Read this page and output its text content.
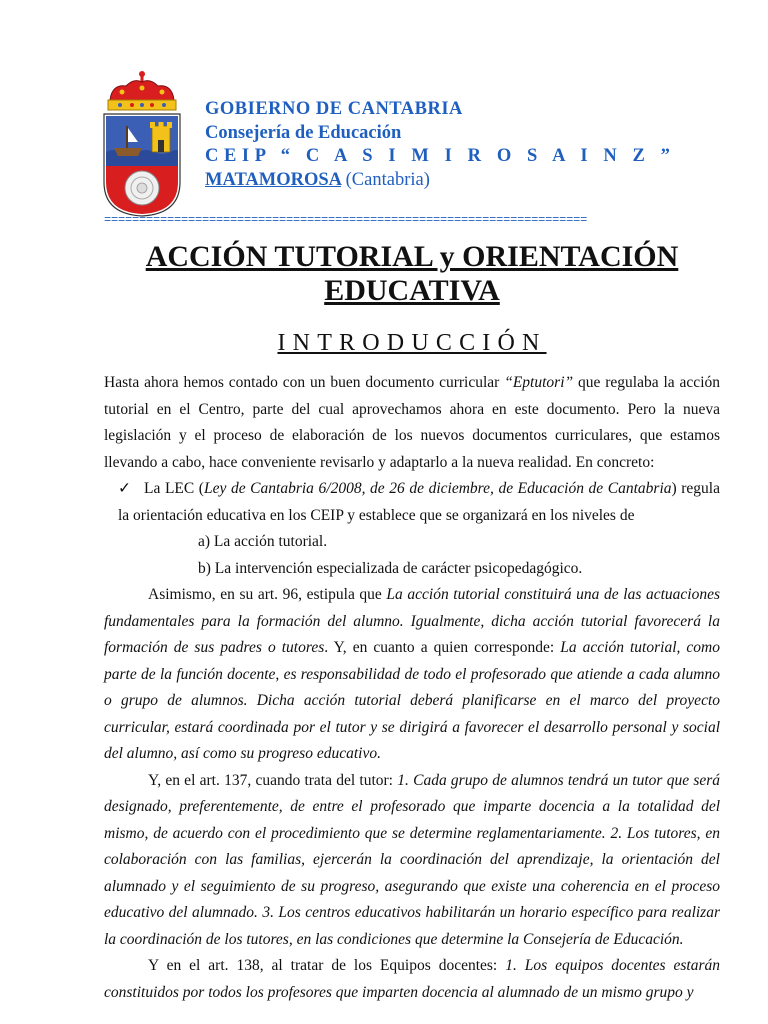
GOBIERNO DE CANTABRIA
Consejería de Educación
CEIP “ C A S I M I R O S A I N Z ”
MATAMOROSA (Cantabria)
=====================================================================
ACCIÓN TUTORIAL y ORIENTACIÓN
EDUCATIVA
INTRODUCCIÓN

Hasta ahora hemos contado con un buen documento curricular “Eptutori” que regulaba la acción tutorial en el Centro, parte del cual aprovechamos ahora en este documento. Pero la nueva legislación y el proceso de elaboración de los nuevos documentos curriculares, que estamos llevando a cabo, hace conveniente revisarlo y adaptarlo a la nueva realidad. En concreto:

✓ La LEC (Ley de Cantabria 6/2008, de 26 de diciembre, de Educación de Cantabria) regula la orientación educativa en los CEIP y establece que se organizará en los niveles de

a) La acción tutorial.

b) La intervención especializada de carácter psicopedagógico.

Asimismo, en su art. 96, estipula que La acción tutorial constituirá una de las actuaciones fundamentales para la formación del alumno. Igualmente, dicha acción tutorial favorecerá la formación de sus padres o tutores. Y, en cuanto a quien corresponde: La acción tutorial, como parte de la función docente, es responsabilidad de todo el profesorado que atiende a cada alumno o grupo de alumnos. Dicha acción tutorial deberá planificarse en el marco del proyecto curricular, estará coordinada por el tutor y se dirigirá a favorecer el desarrollo personal y social del alumno, así como su progreso educativo.

Y, en el art. 137, cuando trata del tutor: 1. Cada grupo de alumnos tendrá un tutor que será designado, preferentemente, de entre el profesorado que imparte docencia a la totalidad del mismo, de acuerdo con el procedimiento que se determine reglamentariamente. 2. Los tutores, en colaboración con las familias, ejercerán la coordinación del aprendizaje, la orientación del alumnado y el seguimiento de su progreso, asegurando que existe una coherencia en el proceso educativo del alumnado. 3. Los centros educativos habilitarán un horario específico para realizar la coordinación de los tutores, en las condiciones que determine la Consejería de Educación.

Y en el art. 138, al tratar de los Equipos docentes: 1. Los equipos docentes estarán constituidos por todos los profesores que imparten docencia al alumnado de un mismo grupo y
